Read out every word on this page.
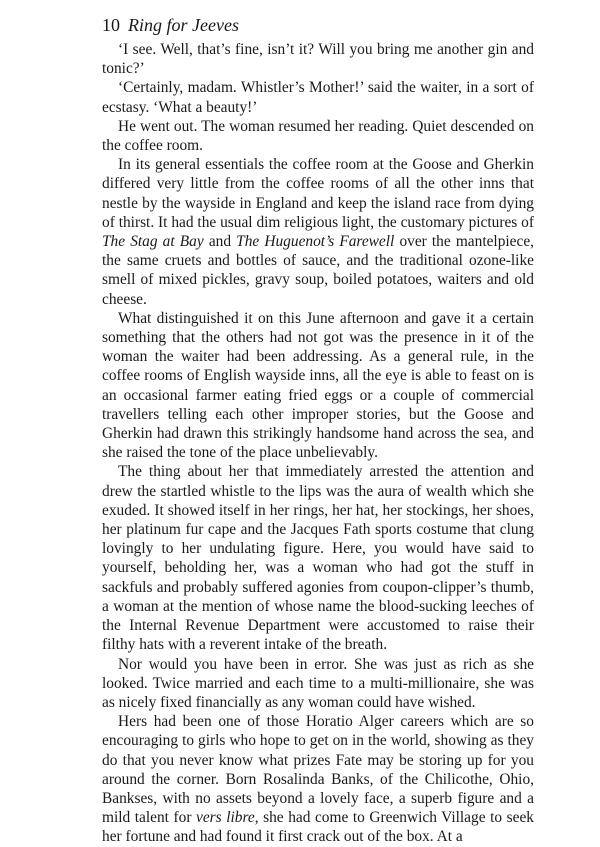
10 Ring for Jeeves

‘I see. Well, that’s fine, isn’t it? Will you bring me another gin and tonic?’

‘Certainly, madam. Whistler’s Mother!’ said the waiter, in a sort of ecstasy. ‘What a beauty!’

He went out. The woman resumed her reading. Quiet descended on the coffee room.

In its general essentials the coffee room at the Goose and Gherkin differed very little from the coffee rooms of all the other inns that nestle by the wayside in England and keep the island race from dying of thirst. It had the usual dim religious light, the customary pictures of The Stag at Bay and The Huguenot’s Farewell over the mantelpiece, the same cruets and bottles of sauce, and the traditional ozone-like smell of mixed pickles, gravy soup, boiled potatoes, waiters and old cheese.

What distinguished it on this June afternoon and gave it a certain something that the others had not got was the presence in it of the woman the waiter had been addressing. As a general rule, in the coffee rooms of English wayside inns, all the eye is able to feast on is an occasional farmer eating fried eggs or a couple of commercial travellers telling each other improper stories, but the Goose and Gherkin had drawn this strikingly handsome hand across the sea, and she raised the tone of the place unbelievably.

The thing about her that immediately arrested the attention and drew the startled whistle to the lips was the aura of wealth which she exuded. It showed itself in her rings, her hat, her stockings, her shoes, her platinum fur cape and the Jacques Fath sports costume that clung lovingly to her undulating figure. Here, you would have said to yourself, beholding her, was a woman who had got the stuff in sackfuls and probably suffered agonies from coupon-clipper’s thumb, a woman at the mention of whose name the blood-sucking leeches of the Internal Revenue Department were accustomed to raise their filthy hats with a reverent intake of the breath.

Nor would you have been in error. She was just as rich as she looked. Twice married and each time to a multi-millionaire, she was as nicely fixed financially as any woman could have wished.

Hers had been one of those Horatio Alger careers which are so encouraging to girls who hope to get on in the world, showing as they do that you never know what prizes Fate may be storing up for you around the corner. Born Rosalinda Banks, of the Chilicothe, Ohio, Bankses, with no assets beyond a lovely face, a superb figure and a mild talent for vers libre, she had come to Greenwich Village to seek her fortune and had found it first crack out of the box. At a
